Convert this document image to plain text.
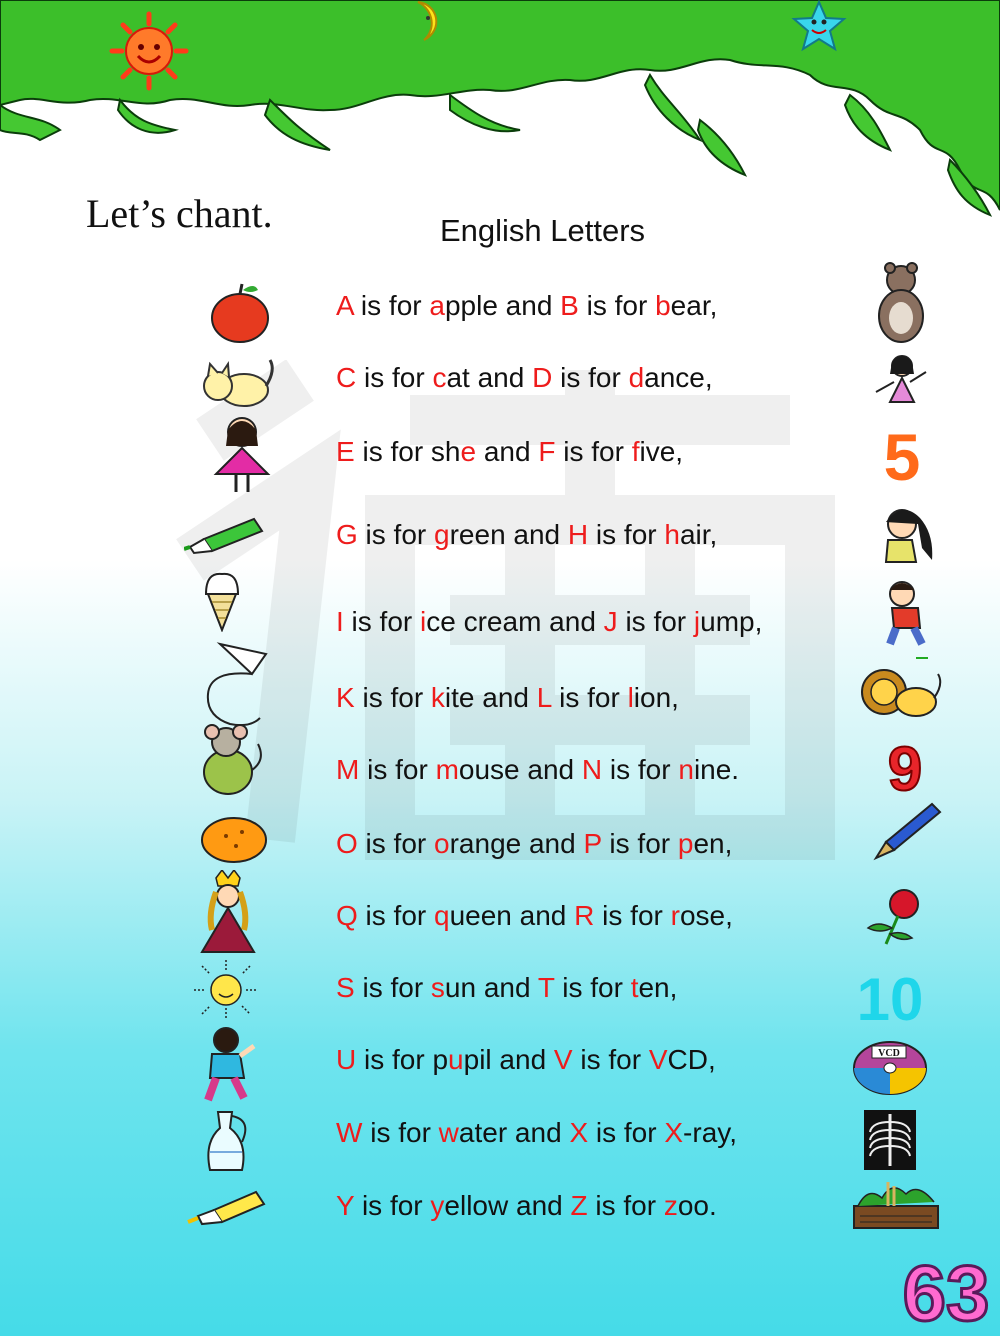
Let’s chant.	English Letters
A is for apple and B is for bear,
C is for cat and D is for dance,
E is for she and F is for five,
G is for green and H is for hair,
I is for ice cream and J is for jump,
K is for kite and L is for lion,
M is for mouse and N is for nine.
O is for orange and P is for pen,
Q is for queen and R is for rose,
S is for sun and T is for ten,
U is for pupil and V is for VCD,
W is for water and X is for X-ray,
Y is for yellow and Z is for zoo.
5
9
10
VCD
63
